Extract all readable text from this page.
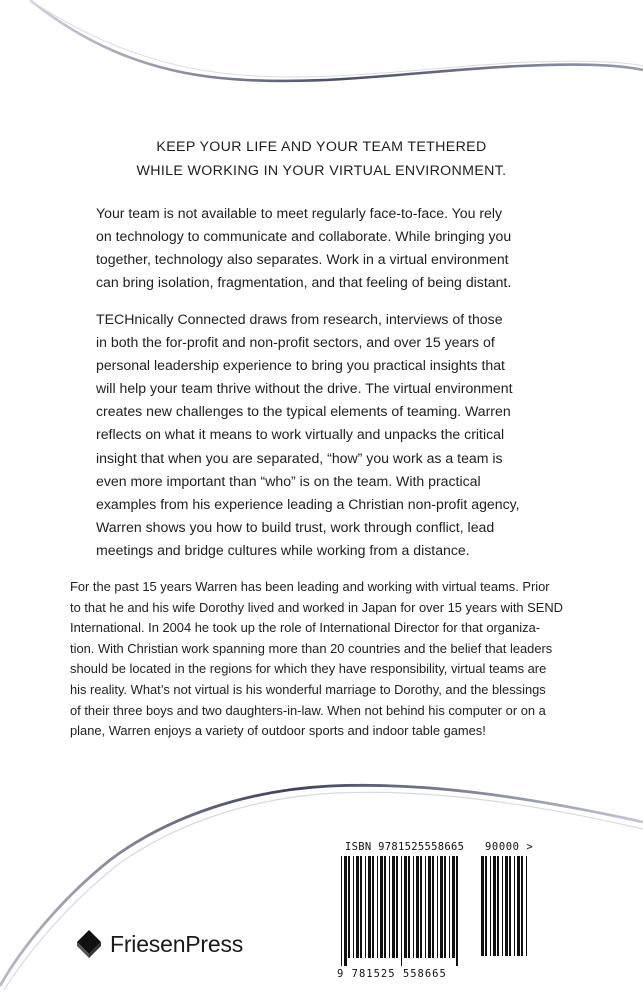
KEEP YOUR LIFE AND YOUR TEAM TETHERED
WHILE WORKING IN YOUR VIRTUAL ENVIRONMENT.
Your team is not available to meet regularly face-to-face. You rely
on technology to communicate and collaborate. While bringing you
together, technology also separates. Work in a virtual environment
can bring isolation, fragmentation, and that feeling of being distant.
TECHnically Connected draws from research, interviews of those
in both the for-profit and non-profit sectors, and over 15 years of
personal leadership experience to bring you practical insights that
will help your team thrive without the drive. The virtual environment
creates new challenges to the typical elements of teaming. Warren
reflects on what it means to work virtually and unpacks the critical
insight that when you are separated, “how” you work as a team is
even more important than “who” is on the team. With practical
examples from his experience leading a Christian non-profit agency,
Warren shows you how to build trust, work through conflict, lead
meetings and bridge cultures while working from a distance.
For the past 15 years Warren has been leading and working with virtual teams. Prior
to that he and his wife Dorothy lived and worked in Japan for over 15 years with SEND
International. In 2004 he took up the role of International Director for that organiza-
tion. With Christian work spanning more than 20 countries and the belief that leaders
should be located in the regions for which they have responsibility, virtual teams are
his reality. What’s not virtual is his wonderful marriage to Dorothy, and the blessings
of their three boys and two daughters-in-law. When not behind his computer or on a
plane, Warren enjoys a variety of outdoor sports and indoor table games!
FriesenPress
ISBN 9781525558665 90000 >
9 781525 558665
